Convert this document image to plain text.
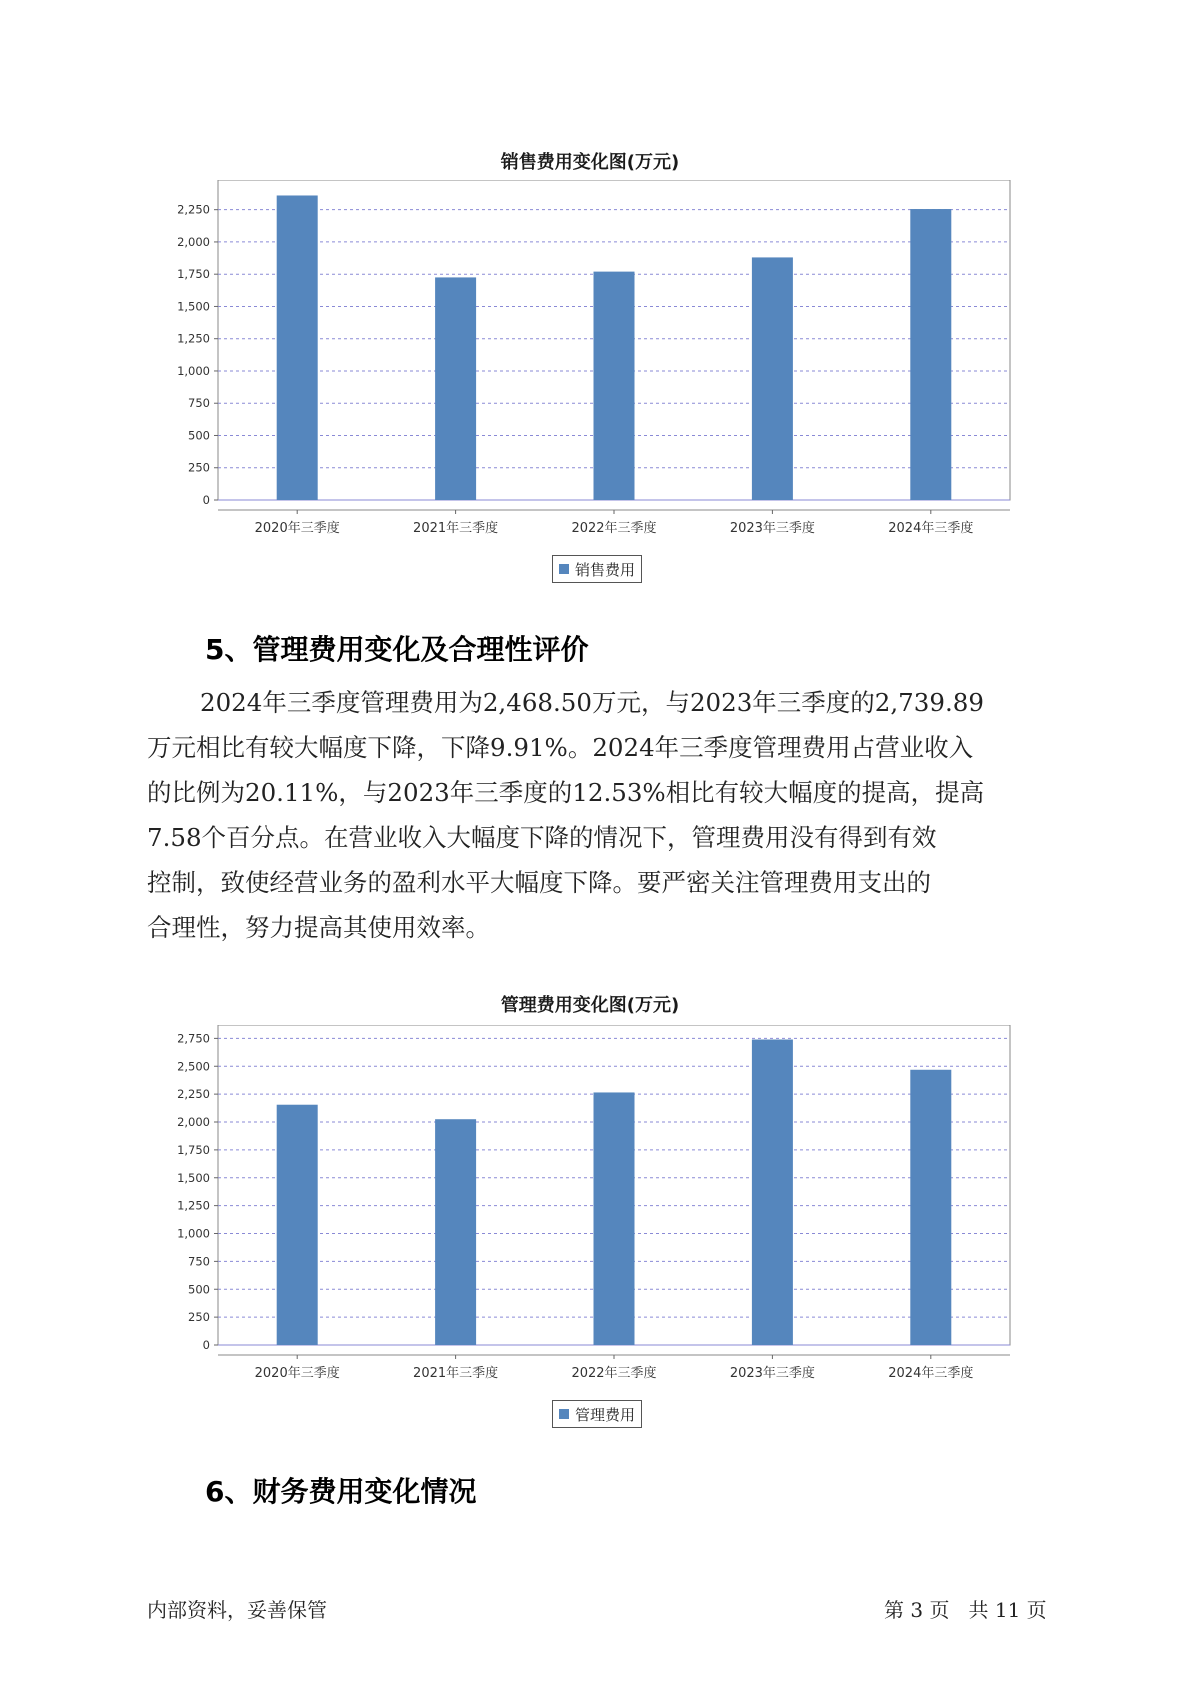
销售费用变化图(万元)
0
250
500
750
1,000
1,250
1,500
1,750
2,000
2,250
2020年三季度	2021年三季度	2022年三季度	2023年三季度	2024年三季度
销售费用
5、管理费用变化及合理性评价
2024年三季度管理费用为2,468.50万元，与2023年三季度的2,739.89
万元相比有较大幅度下降，下降9.91%。2024年三季度管理费用占营业收入
的比例为20.11%，与2023年三季度的12.53%相比有较大幅度的提高，提高
7.58个百分点。在营业收入大幅度下降的情况下，管理费用没有得到有效
控制，致使经营业务的盈利水平大幅度下降。要严密关注管理费用支出的
合理性，努力提高其使用效率。
管理费用变化图(万元)
0
250
500
750
1,000
1,250
1,500
1,750
2,000
2,250
2,500
2,750
2020年三季度	2021年三季度	2022年三季度	2023年三季度	2024年三季度
管理费用
6、财务费用变化情况
内部资料，妥善保管	第 3 页   共 11 页
